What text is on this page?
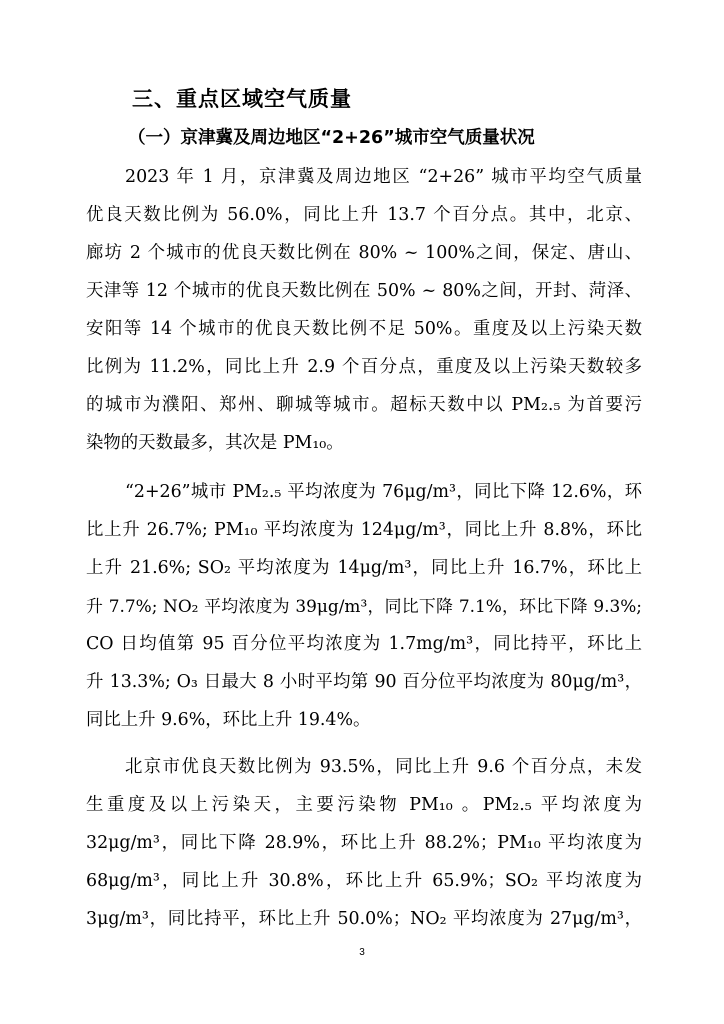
三、重点区域空气质量
（一）京津冀及周边地区“2+26”城市空气质量状况
2023 年 1 月，京津冀及周边地区 “2+26” 城市平均空气质量
优良天数比例为 56.0%，同比上升 13.7 个百分点。其中，北京、
廊坊 2 个城市的优良天数比例在 80% ~ 100%之间，保定、唐山、
天津等 12 个城市的优良天数比例在 50% ~ 80%之间，开封、菏泽、
安阳等 14 个城市的优良天数比例不足 50%。重度及以上污染天数
比例为 11.2%，同比上升 2.9 个百分点，重度及以上污染天数较多
的城市为濮阳、郑州、聊城等城市。超标天数中以 PM₂.₅ 为首要污
染物的天数最多，其次是 PM₁₀。
“2+26”城市 PM₂.₅ 平均浓度为 76μg/m³，同比下降 12.6%，环
比上升 26.7%; PM₁₀ 平均浓度为 124μg/m³，同比上升 8.8%，环比
上升 21.6%; SO₂ 平均浓度为 14μg/m³，同比上升 16.7%，环比上
升 7.7%; NO₂ 平均浓度为 39μg/m³，同比下降 7.1%，环比下降 9.3%;
CO 日均值第 95 百分位平均浓度为 1.7mg/m³，同比持平，环比上
升 13.3%; O₃ 日最大 8 小时平均第 90 百分位平均浓度为 80μg/m³，
同比上升 9.6%，环比上升 19.4%。
北京市优良天数比例为 93.5%，同比上升 9.6 个百分点，未发
生重度及以上污染天，主要污染物 PM₁₀ 。PM₂.₅ 平均浓度为
32μg/m³，同比下降 28.9%，环比上升 88.2%；PM₁₀ 平均浓度为
68μg/m³，同比上升 30.8%，环比上升 65.9%；SO₂ 平均浓度为
3μg/m³，同比持平，环比上升 50.0%；NO₂ 平均浓度为 27μg/m³，
3
